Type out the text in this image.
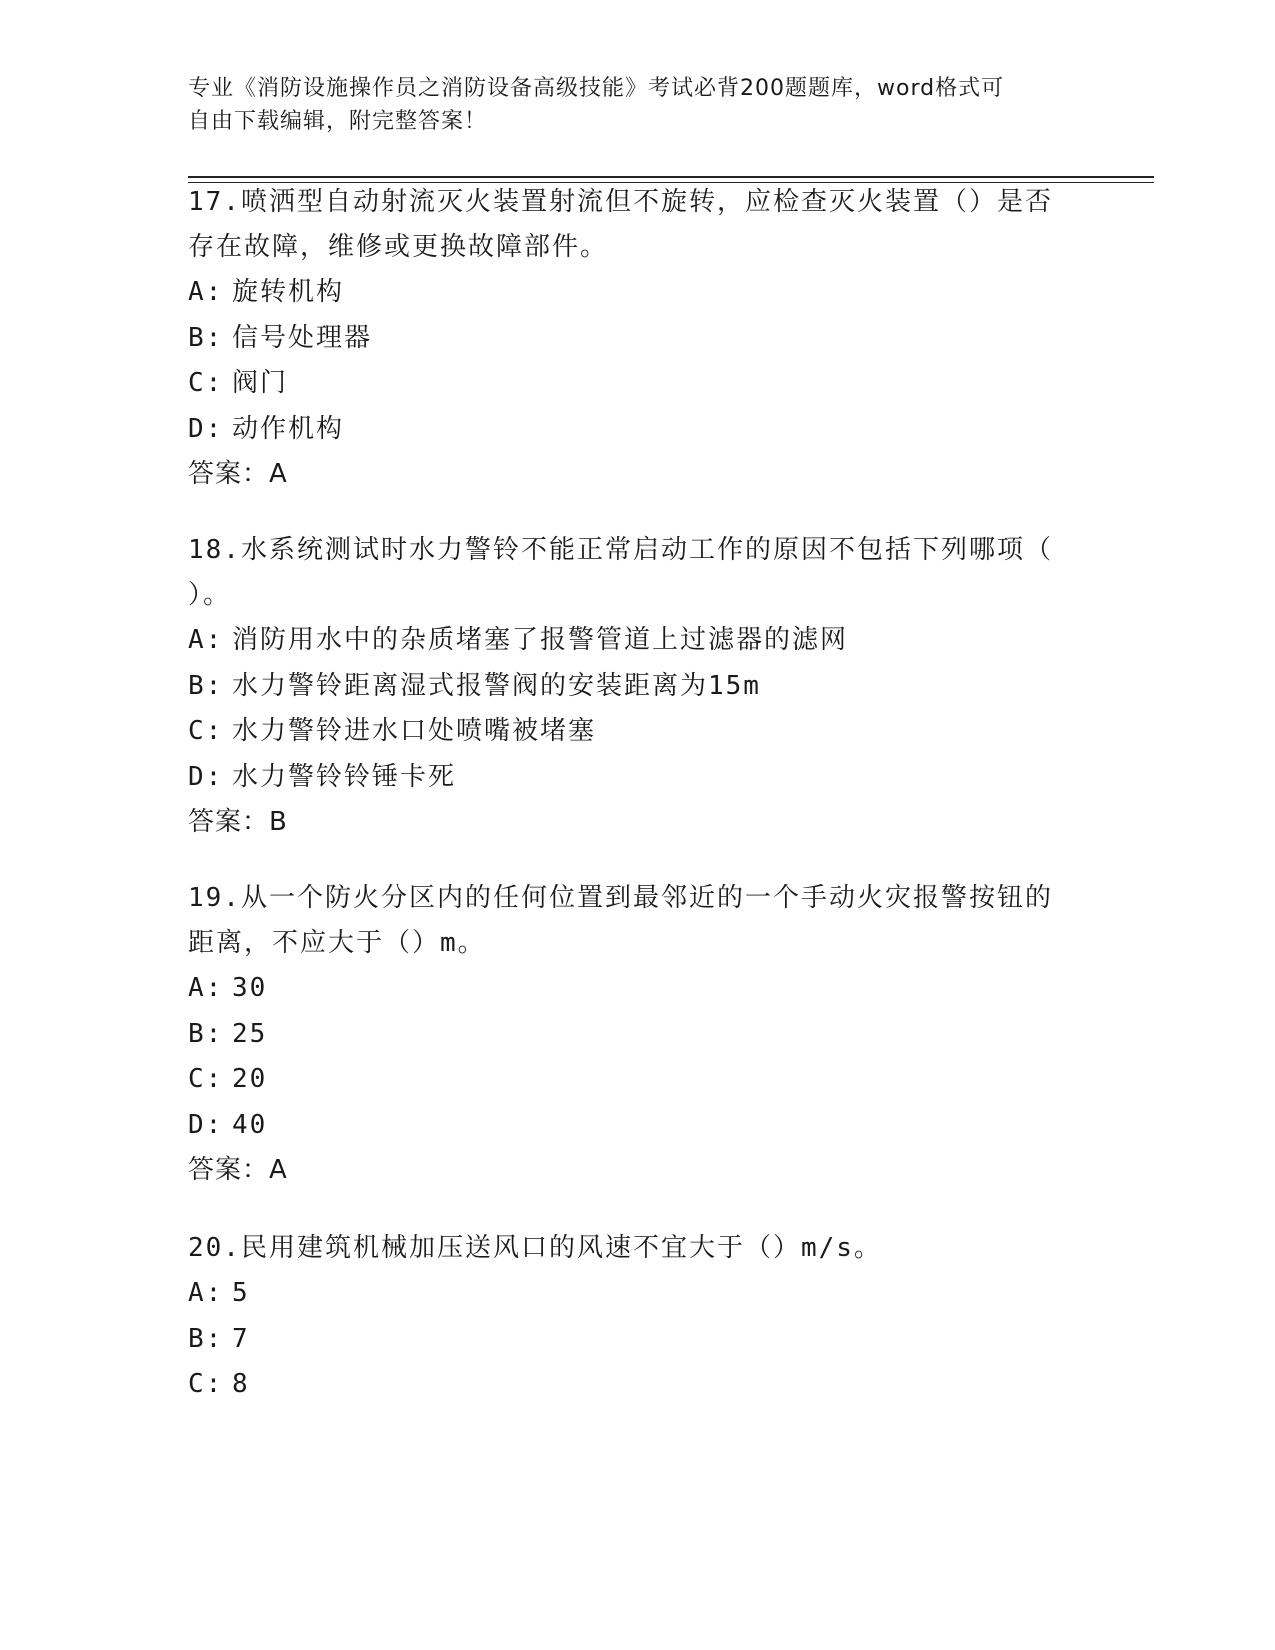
专业《消防设施操作员之消防设备高级技能》考试必背200题题库，word格式可
自由下载编辑，附完整答案！
17.喷洒型自动射流灭火装置射流但不旋转，应检查灭火装置（）是否
存在故障，维修或更换故障部件。
A: 旋转机构
B: 信号处理器
C: 阀门
D: 动作机构
答案：A
18.水系统测试时水力警铃不能正常启动工作的原因不包括下列哪项（
）。
A: 消防用水中的杂质堵塞了报警管道上过滤器的滤网
B: 水力警铃距离湿式报警阀的安装距离为15m
C: 水力警铃进水口处喷嘴被堵塞
D: 水力警铃铃锤卡死
答案：B
19.从一个防火分区内的任何位置到最邻近的一个手动火灾报警按钮的
距离，不应大于（）m。
A: 30
B: 25
C: 20
D: 40
答案：A
20.民用建筑机械加压送风口的风速不宜大于（）m/s。
A: 5
B: 7
C: 8
